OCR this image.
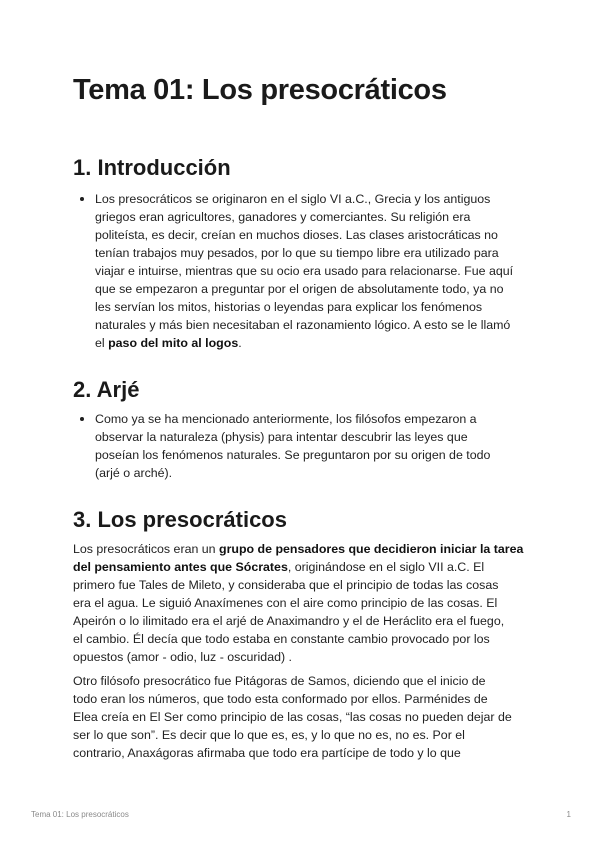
Tema 01: Los presocráticos
1. Introducción
Los presocráticos se originaron en el siglo VI a.C., Grecia y los antiguos
griegos eran agricultores, ganadores y comerciantes. Su religión era
politeísta, es decir, creían en muchos dioses. Las clases aristocráticas no
tenían trabajos muy pesados, por lo que su tiempo libre era utilizado para
viajar e intuirse, mientras que su ocio era usado para relacionarse. Fue aquí
que se empezaron a preguntar por el origen de absolutamente todo, ya no
les servían los mitos, historias o leyendas para explicar los fenómenos
naturales y más bien necesitaban el razonamiento lógico. A esto se le llamó
el paso del mito al logos.
2. Arjé
Como ya se ha mencionado anteriormente, los filósofos empezaron a
observar la naturaleza (physis) para intentar descubrir las leyes que
poseían los fenómenos naturales. Se preguntaron por su origen de todo
(arjé o arché).
3. Los presocráticos

Los presocráticos eran un grupo de pensadores que decidieron iniciar la tarea
del pensamiento antes que Sócrates, originándose en el siglo VII a.C. El
primero fue Tales de Mileto, y consideraba que el principio de todas las cosas
era el agua. Le siguió Anaxímenes con el aire como principio de las cosas. El
Apeirón o lo ilimitado era el arjé de Anaximandro y el de Heráclito era el fuego,
el cambio. Él decía que todo estaba en constante cambio provocado por los
opuestos (amor - odio, luz - oscuridad) .

Otro filósofo presocrático fue Pitágoras de Samos, diciendo que el inicio de
todo eran los números, que todo esta conformado por ellos. Parménides de
Elea creía en El Ser como principio de las cosas, “las cosas no pueden dejar de
ser lo que son”. Es decir que lo que es, es, y lo que no es, no es. Por el
contrario, Anaxágoras afirmaba que todo era partícipe de todo y lo que

Tema 01: Los presocráticos	1
